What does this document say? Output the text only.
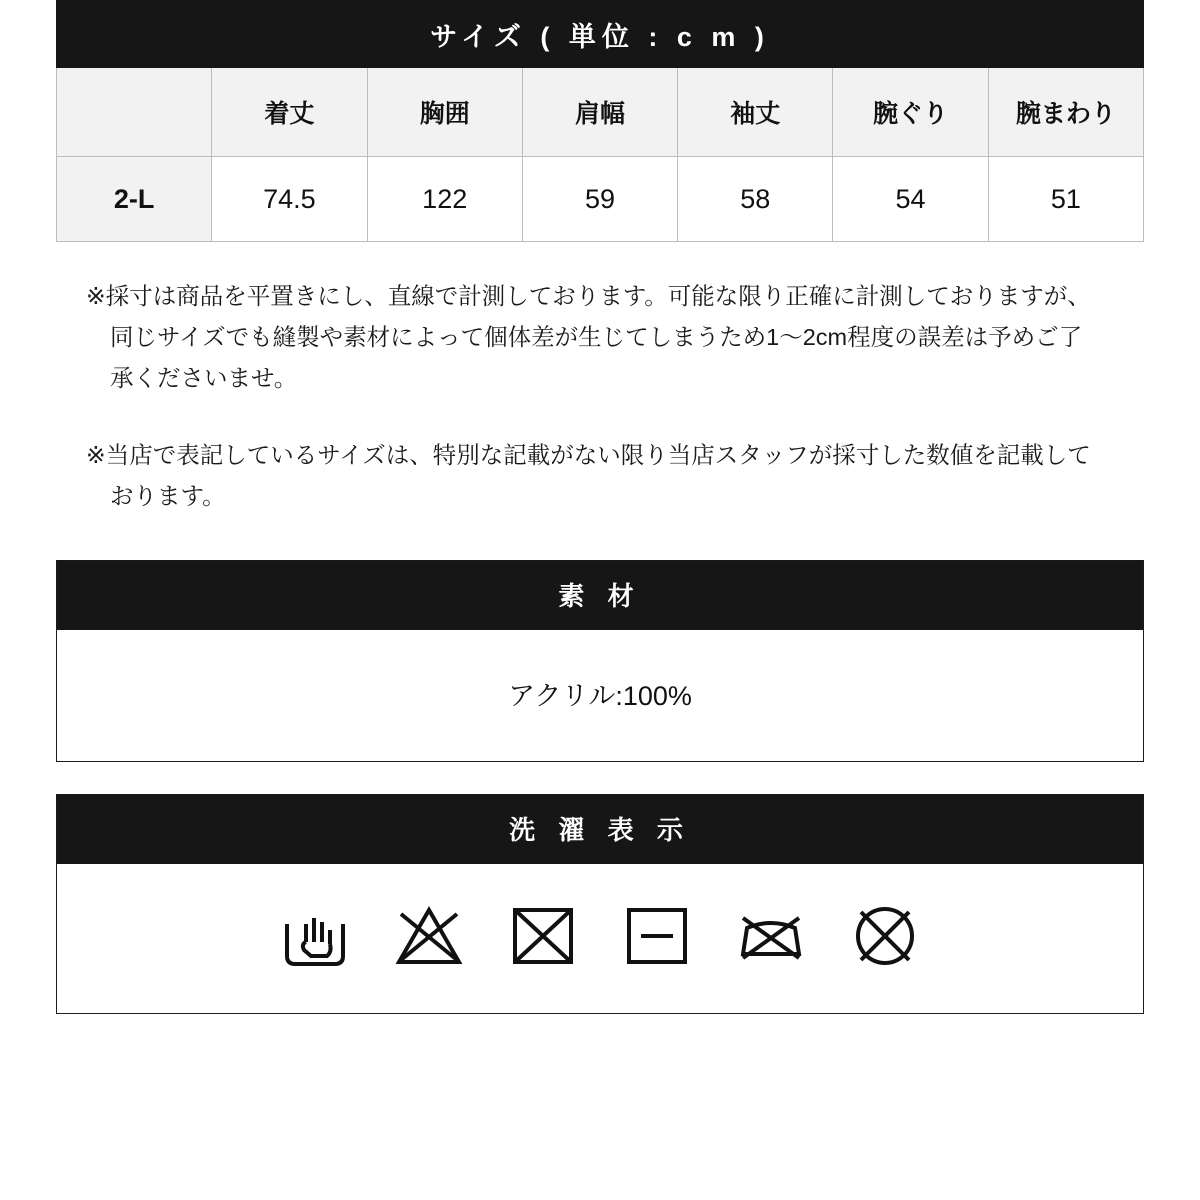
サイズ ( 単位 : c m )						
	着丈	胸囲	肩幅	袖丈	腕ぐり	腕まわり
2-L	74.5	122	59	58	54	51

※採寸は商品を平置きにし、直線で計測しております。可能な限り正確に計測しておりますが、同じサイズでも縫製や素材によって個体差が生じてしまうため1〜2cm程度の誤差は予めご了承くださいませ。

※当店で表記しているサイズは、特別な記載がない限り当店スタッフが採寸した数値を記載しております。

素 材
アクリル:100%
洗 濯 表 示
